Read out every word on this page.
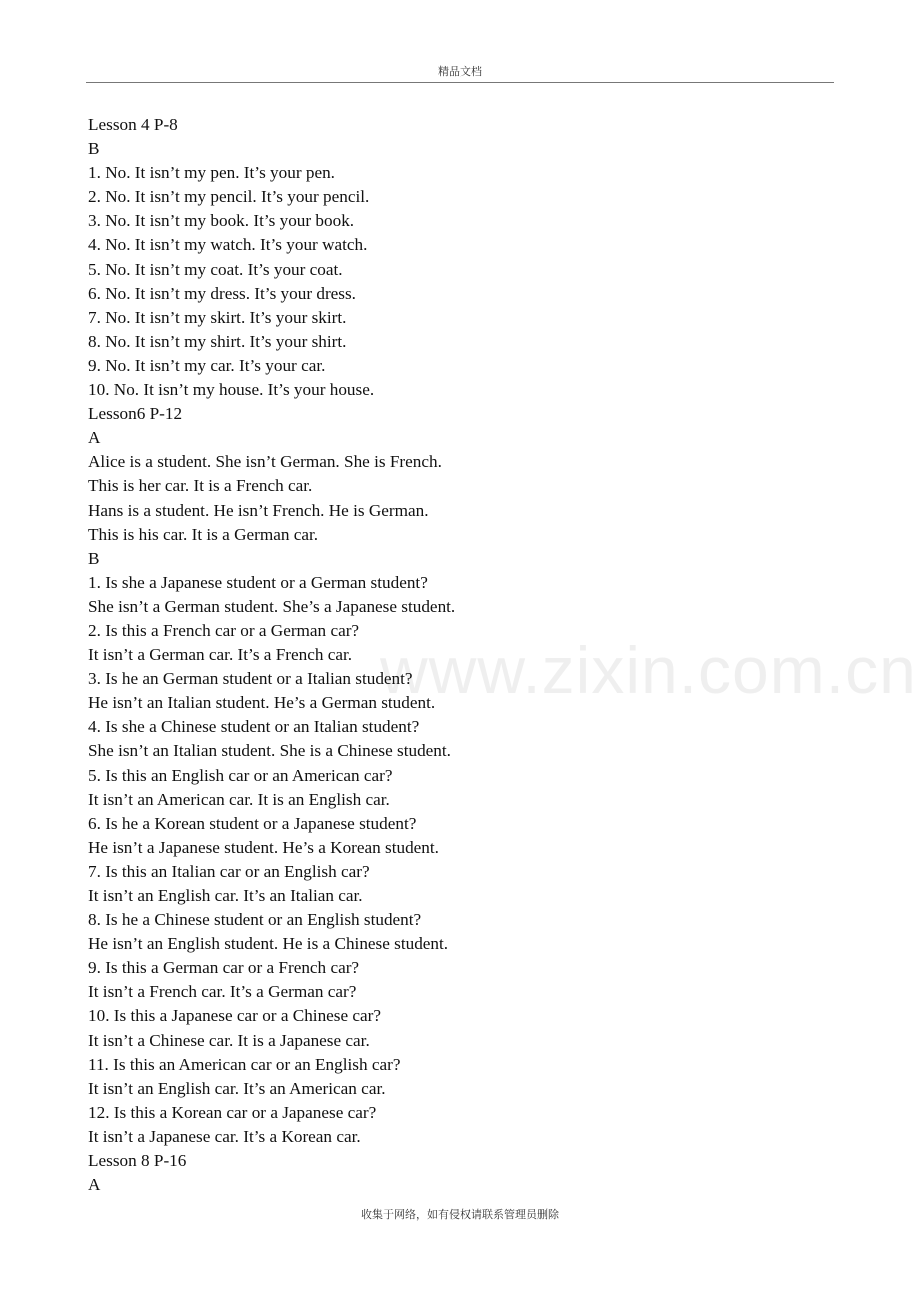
精品文档
www.zixin.com.cn
Lesson 4 P-8
B
1. No. It isn’t my pen. It’s your pen.
2. No. It isn’t my pencil. It’s your pencil.
3. No. It isn’t my book. It’s your book.
4. No. It isn’t my watch. It’s your watch.
5. No. It isn’t my coat. It’s your coat.
6. No. It isn’t my dress. It’s your dress.
7. No. It isn’t my skirt. It’s your skirt.
8. No. It isn’t my shirt. It’s your shirt.
9. No. It isn’t my car. It’s your car.
10. No. It isn’t my house. It’s your house.
Lesson6 P-12
A
Alice is a student. She isn’t German. She is French.
This is her car. It is a French car.
Hans is a student. He isn’t French. He is German.
This is his car. It is a German car.
B
1. Is she a Japanese student or a German student?
She isn’t a German student. She’s a Japanese student.
2. Is this a French car or a German car?
It isn’t a German car. It’s a French car.
3. Is he an German student or a Italian student?
He isn’t an Italian student. He’s a German student.
4. Is she a Chinese student or an Italian student?
She isn’t an Italian student. She is a Chinese student.
5. Is this an English car or an American car?
It isn’t an American car. It is an English car.
6. Is he a Korean student or a Japanese student?
He isn’t a Japanese student. He’s a Korean student.
7. Is this an Italian car or an English car?
It isn’t an English car. It’s an Italian car.
8. Is he a Chinese student or an English student?
He isn’t an English student. He is a Chinese student.
9. Is this a German car or a French car?
It isn’t a French car. It’s a German car?
10. Is this a Japanese car or a Chinese car?
It isn’t a Chinese car. It is a Japanese car.
11. Is this an American car or an English car?
It isn’t an English car. It’s an American car.
12. Is this a Korean car or a Japanese car?
It isn’t a Japanese car. It’s a Korean car.
Lesson 8 P-16
A
收集于网络，如有侵权请联系管理员删除
